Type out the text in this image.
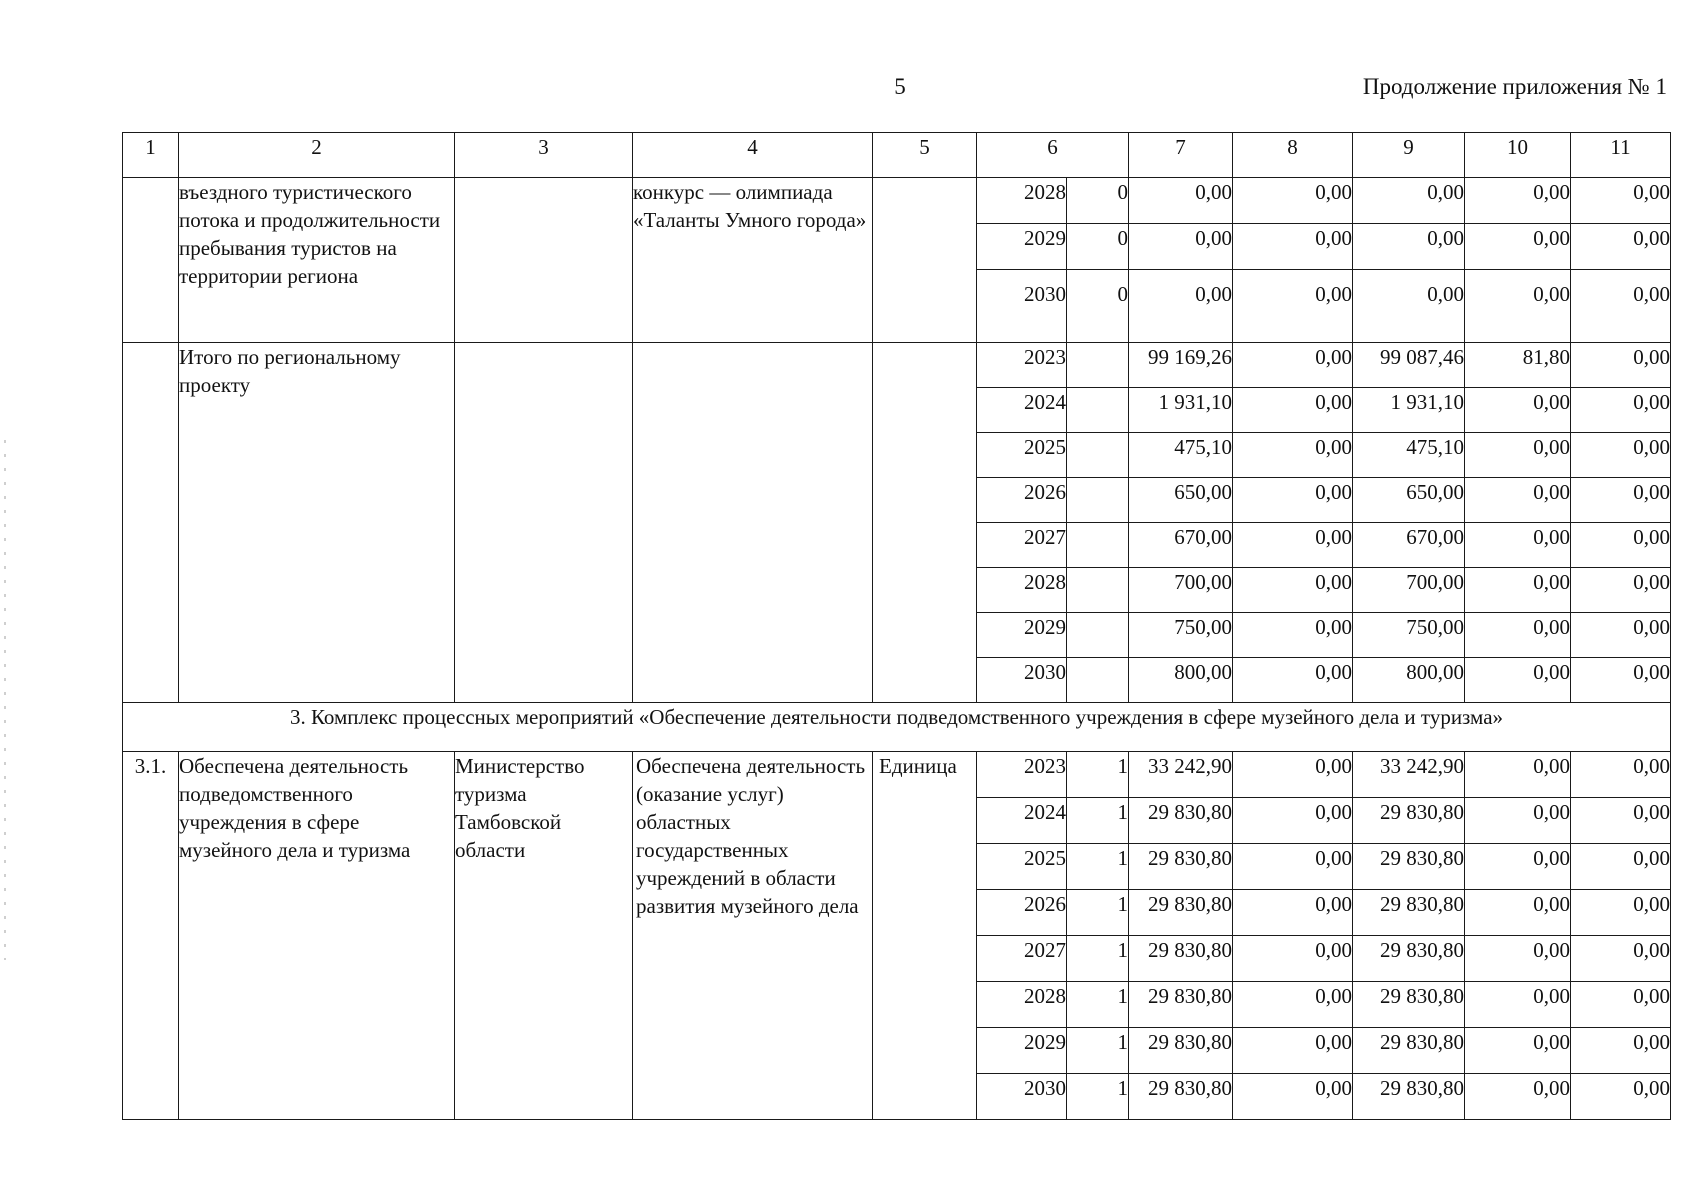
5	Продолжение приложения № 1
1	2	3	4	5	6		7	8	9	10	11
	въездного туристического потока и продолжительности пребывания туристов на территории региона		конкурс — олимпиада «Таланты Умного города»		2028	0	0,00	0,00	0,00	0,00	0,00
					2029	0	0,00	0,00	0,00	0,00	0,00
					2030	0	0,00	0,00	0,00	0,00	0,00
	Итого по региональному проекту				2023		99 169,26	0,00	99 087,46	81,80	0,00
					2024		1 931,10	0,00	1 931,10	0,00	0,00
					2025		475,10	0,00	475,10	0,00	0,00
					2026		650,00	0,00	650,00	0,00	0,00
					2027		670,00	0,00	670,00	0,00	0,00
					2028		700,00	0,00	700,00	0,00	0,00
					2029		750,00	0,00	750,00	0,00	0,00
					2030		800,00	0,00	800,00	0,00	0,00
3. Комплекс процессных мероприятий «Обеспечение деятельности подведомственного учреждения в сфере музейного дела и туризма»											
3.1.	Обеспечена деятельность подведомственного учреждения в сфере музейного дела и туризма	Министерство туризма Тамбовской области	Обеспечена деятельность (оказание услуг) областных государственных учреждений в области развития музейного дела	Единица	2023	1	33 242,90	0,00	33 242,90	0,00	0,00
					2024	1	29 830,80	0,00	29 830,80	0,00	0,00
					2025	1	29 830,80	0,00	29 830,80	0,00	0,00
					2026	1	29 830,80	0,00	29 830,80	0,00	0,00
					2027	1	29 830,80	0,00	29 830,80	0,00	0,00
					2028	1	29 830,80	0,00	29 830,80	0,00	0,00
					2029	1	29 830,80	0,00	29 830,80	0,00	0,00
					2030	1	29 830,80	0,00	29 830,80	0,00	0,00
